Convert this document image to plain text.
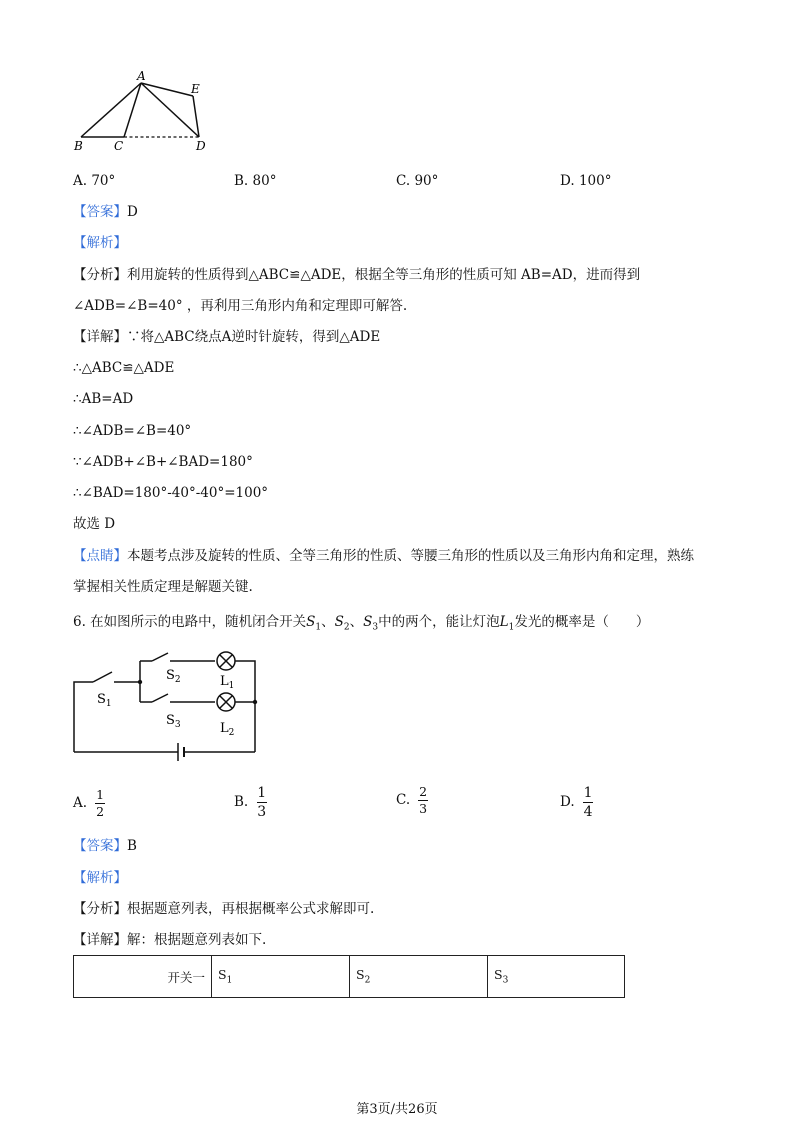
A
B	C	D
E
A. 70°	B. 80°	C. 90°	D. 100°
【答案】D
【解析】
【分析】利用旋转的性质得到△ABC≌△ADE，根据全等三角形的性质可知 AB=AD，进而得到
∠ADB=∠B=40° ，再利用三角形内角和定理即可解答.
【详解】∵将△ABC绕点A逆时针旋转，得到△ADE
∴△ABC≌△ADE
∴AB=AD
∴∠ADB=∠B=40°
∵∠ADB+∠B+∠BAD=180°
∴∠BAD=180°-40°-40°=100°
故选 D
【点睛】本题考点涉及旋转的性质、全等三角形的性质、等腰三角形的性质以及三角形内角和定理，熟练
掌握相关性质定理是解题关键.
6. 在如图所示的电路中，随机闭合开关$S_1$、$S_2$、$S_3$中的两个，能让灯泡$L_1$发光的概率是（　　）
$S_1$
$S_2$
$S_3$
$L_1$
$L_2$
A. $\frac{1}{2}$	B. $\frac{1}{3}$	C. $\frac{2}{3}$	D. $\frac{1}{4}$
【答案】B
【解析】
【分析】根据题意列表，再根据概率公式求解即可.
【详解】解：根据题意列表如下.
开关一	$S_1$	$S_2$	$S_3$
第3页/共26页
